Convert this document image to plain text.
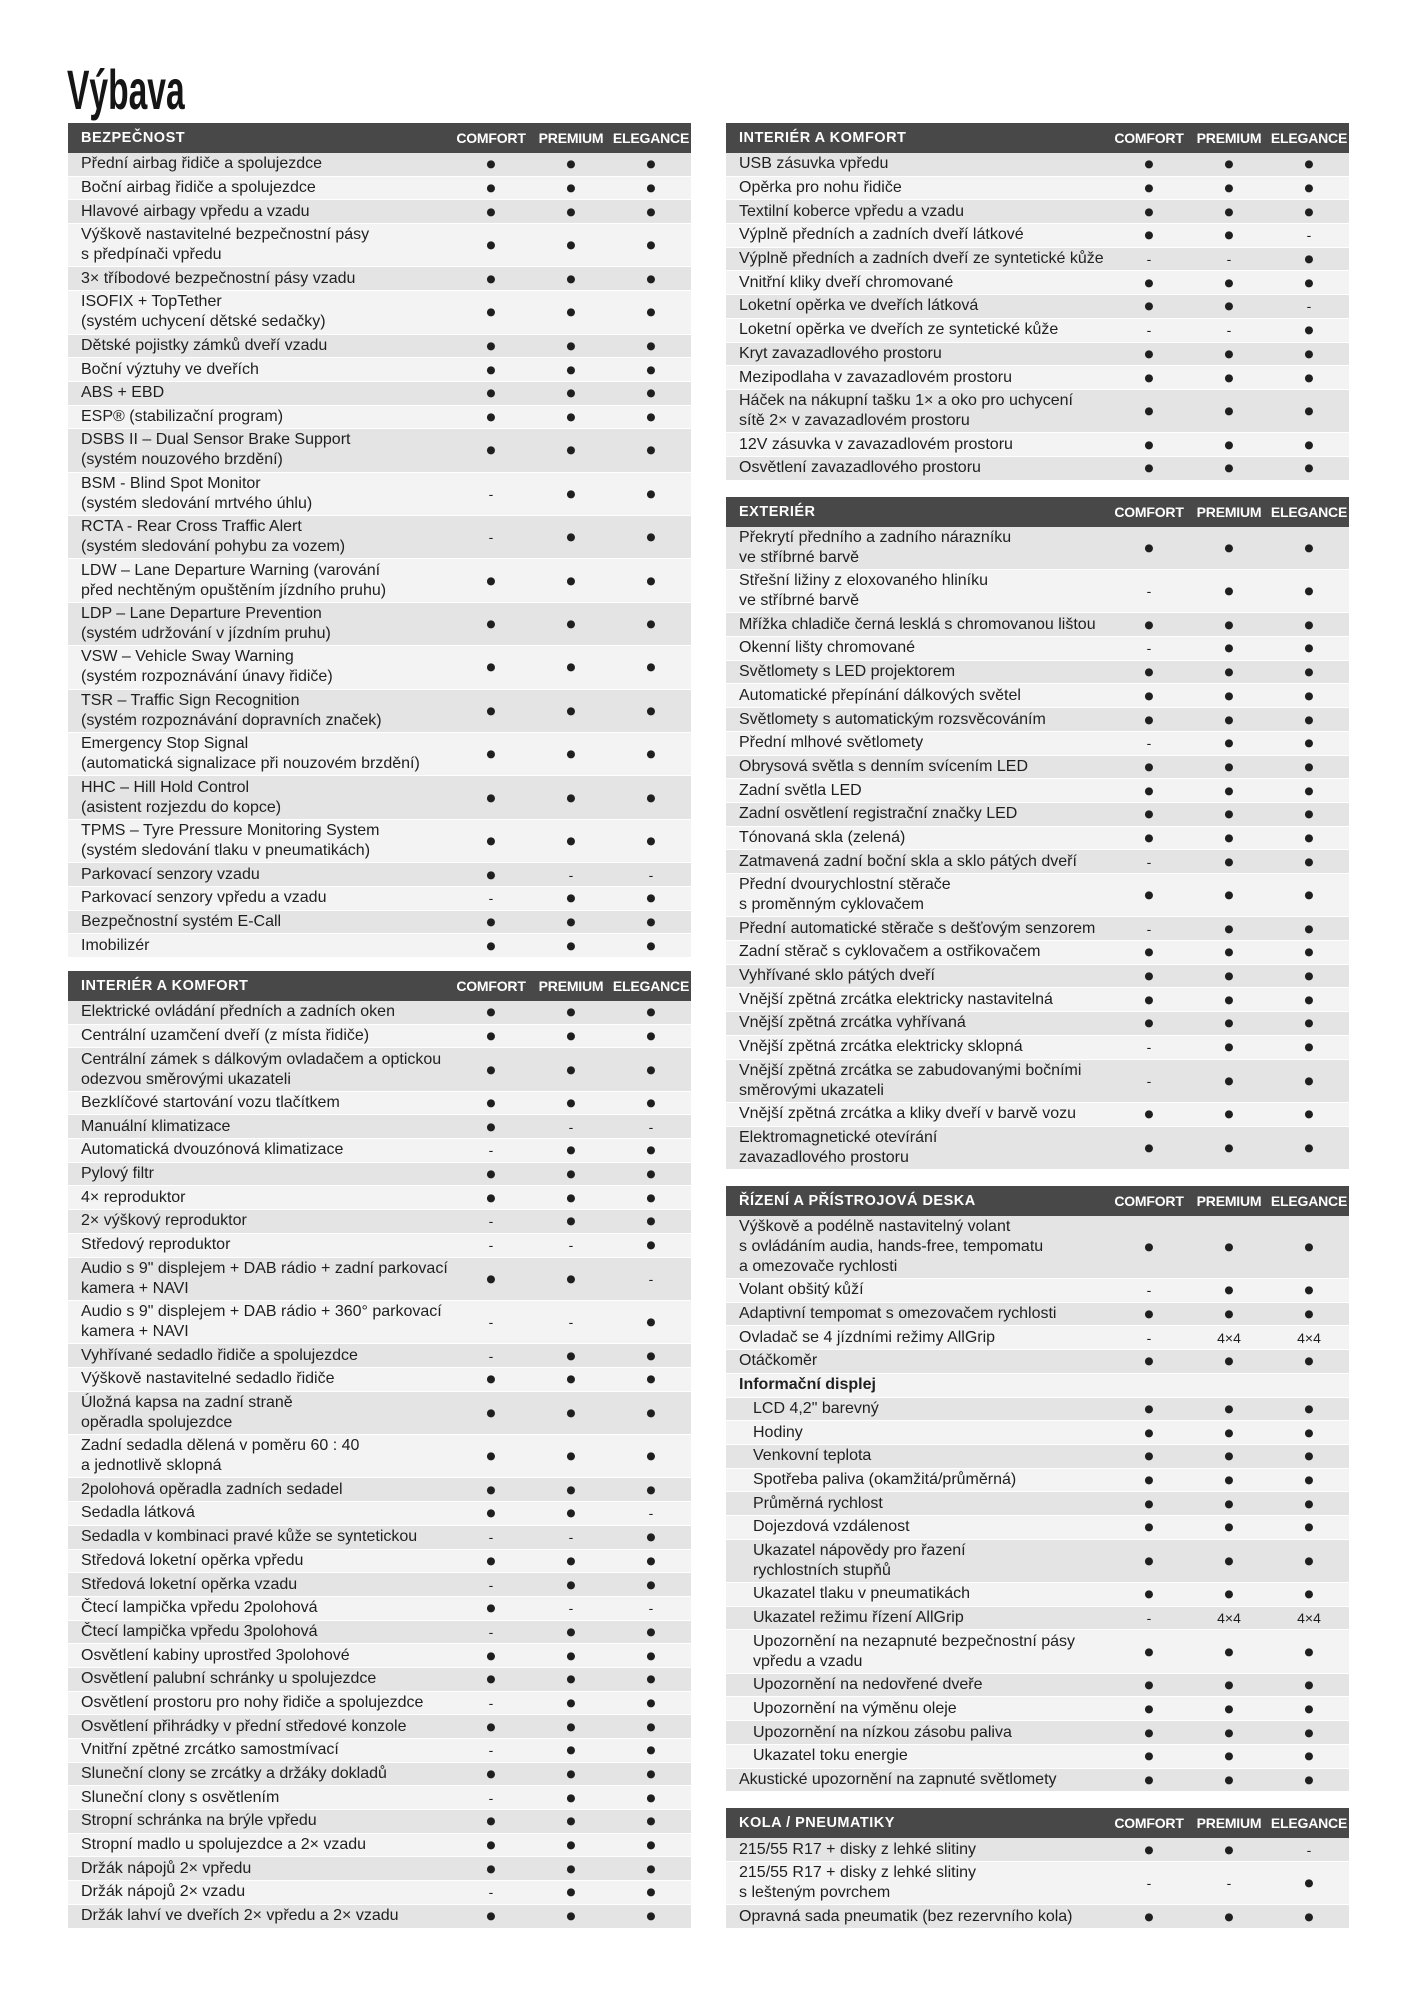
Výbava
BEZPEČNOST	COMFORT PREMIUM ELEGANCE
Přední airbag řidiče a spolujezdce	●	●	●
Boční airbag řidiče a spolujezdce	●	●	●
Hlavové airbagy vpředu a vzadu	●	●	●
Výškově nastavitelné bezpečnostní pásy
s předpínači vpředu
●	●	●
3× tříbodové bezpečnostní pásy vzadu	●	●	●
ISOFIX + TopTether
(systém uchycení dětské sedačky)
●	●	●
Dětské pojistky zámků dveří vzadu	●	●	●
Boční výztuhy ve dveřích	●	●	●
ABS + EBD	●	●	●
ESP® (stabilizační program)	●	●	●
DSBS II – Dual Sensor Brake Support
(systém nouzového brzdění)
●	●	●
BSM - Blind Spot Monitor
(systém sledování mrtvého úhlu)
-	●	●
RCTA - Rear Cross Traffic Alert
(systém sledování pohybu za vozem)
-	●	●
LDW – Lane Departure Warning (varování
před nechtěným opuštěním jízdního pruhu)
●	●	●
LDP – Lane Departure Prevention
(systém udržování v jízdním pruhu)
●	●	●
VSW – Vehicle Sway Warning
(systém rozpoznávání únavy řidiče)
●	●	●
TSR – Traffic Sign Recognition
(systém rozpoznávání dopravních značek)
●	●	●
Emergency Stop Signal
(automatická signalizace při nouzovém brzdění)
●	●	●
HHC – Hill Hold Control
(asistent rozjezdu do kopce)
●	●	●
TPMS – Tyre Pressure Monitoring System
(systém sledování tlaku v pneumatikách)
●	●	●
Parkovací senzory vzadu	●	-	-
Parkovací senzory vpředu a vzadu	-	●	●
Bezpečnostní systém E-Call	●	●	●
Imobilizér	●	●	●
INTERIÉR A KOMFORT	COMFORT PREMIUM ELEGANCE
Elektrické ovládání předních a zadních oken	●	●	●
Centrální uzamčení dveří (z místa řidiče)	●	●	●
Centrální zámek s dálkovým ovladačem a optickou
odezvou směrovými ukazateli
●	●	●
Bezklíčové startování vozu tlačítkem	●	●	●
Manuální klimatizace	●	-	-
Automatická dvouzónová klimatizace	-	●	●
Pylový filtr	●	●	●
4× reproduktor	●	●	●
2× výškový reproduktor	-	●	●
Středový reproduktor	-	-	●
Audio s 9" displejem + DAB rádio + zadní parkovací
kamera + NAVI
●	●	-
Audio s 9" displejem + DAB rádio + 360° parkovací
kamera + NAVI
-	-	●
Vyhřívané sedadlo řidiče a spolujezdce	-	●	●
Výškově nastavitelné sedadlo řidiče	●	●	●
Úložná kapsa na zadní straně
opěradla spolujezdce
●	●	●
Zadní sedadla dělená v poměru 60 : 40
a jednotlivě sklopná
●	●	●
2polohová opěradla zadních sedadel	●	●	●
Sedadla látková	●	●	-
Sedadla v kombinaci pravé kůže se syntetickou	-	-	●
Středová loketní opěrka vpředu	●	●	●
Středová loketní opěrka vzadu	-	●	●
Čtecí lampička vpředu 2polohová	●	-	-
Čtecí lampička vpředu 3polohová	-	●	●
Osvětlení kabiny uprostřed 3polohové	●	●	●
Osvětlení palubní schránky u spolujezdce	●	●	●
Osvětlení prostoru pro nohy řidiče a spolujezdce	-	●	●
Osvětlení přihrádky v přední středové konzole	●	●	●
Vnitřní zpětné zrcátko samostmívací	-	●	●
Sluneční clony se zrcátky a držáky dokladů	●	●	●
Sluneční clony s osvětlením	-	●	●
Stropní schránka na brýle vpředu	●	●	●
Stropní madlo u spolujezdce a 2× vzadu	●	●	●
Držák nápojů 2× vpředu	●	●	●
Držák nápojů 2× vzadu	-	●	●
Držák lahví ve dveřích 2× vpředu a 2× vzadu	●	●	●
INTERIÉR A KOMFORT	COMFORT PREMIUM ELEGANCE
USB zásuvka vpředu	●	●	●
Opěrka pro nohu řidiče	●	●	●
Textilní koberce vpředu a vzadu	●	●	●
Výplně předních a zadních dveří látkové	●	●	-
Výplně předních a zadních dveří ze syntetické kůže	-	-	●
Vnitřní kliky dveří chromované	●	●	●
Loketní opěrka ve dveřích látková	●	●	-
Loketní opěrka ve dveřích ze syntetické kůže	-	-	●
Kryt zavazadlového prostoru	●	●	●
Mezipodlaha v zavazadlovém prostoru	●	●	●
Háček na nákupní tašku 1× a oko pro uchycení
sítě 2× v zavazadlovém prostoru
●	●	●
12V zásuvka v zavazadlovém prostoru	●	●	●
Osvětlení zavazadlového prostoru	●	●	●
EXTERIÉR	COMFORT PREMIUM ELEGANCE
Překrytí předního a zadního nárazníku
ve stříbrné barvě
●	●	●
Střešní ližiny z eloxovaného hliníku
ve stříbrné barvě
-	●	●
Mřížka chladiče černá lesklá s chromovanou lištou	●	●	●
Okenní lišty chromované	-	●	●
Světlomety s LED projektorem	●	●	●
Automatické přepínání dálkových světel	●	●	●
Světlomety s automatickým rozsvěcováním	●	●	●
Přední mlhové světlomety	-	●	●
Obrysová světla s denním svícením LED	●	●	●
Zadní světla LED	●	●	●
Zadní osvětlení registrační značky LED	●	●	●
Tónovaná skla (zelená)	●	●	●
Zatmavená zadní boční skla a sklo pátých dveří	-	●	●
Přední dvourychlostní stěrače
s proměnným cyklovačem
●	●	●
Přední automatické stěrače s dešťovým senzorem	-	●	●
Zadní stěrač s cyklovačem a ostřikovačem	●	●	●
Vyhřívané sklo pátých dveří	●	●	●
Vnější zpětná zrcátka elektricky nastavitelná	●	●	●
Vnější zpětná zrcátka vyhřívaná	●	●	●
Vnější zpětná zrcátka elektricky sklopná	-	●	●
Vnější zpětná zrcátka se zabudovanými bočními
směrovými ukazateli
-	●	●
Vnější zpětná zrcátka a kliky dveří v barvě vozu	●	●	●
Elektromagnetické otevírání
zavazadlového prostoru
●	●	●
ŘÍZENÍ A PŘÍSTROJOVÁ DESKA	COMFORT PREMIUM ELEGANCE
Výškově a podélně nastavitelný volant
s ovládáním audia, hands-free, tempomatu
a omezovače rychlosti
●	●	●
Volant obšitý kůží	-	●	●
Adaptivní tempomat s omezovačem rychlosti	●	●	●
Ovladač se 4 jízdními režimy AllGrip	-	4×4	4×4
Otáčkoměr	●	●	●
Informační displej
LCD 4,2" barevný	●	●	●
Hodiny	●	●	●
Venkovní teplota	●	●	●
Spotřeba paliva (okamžitá/průměrná)	●	●	●
Průměrná rychlost	●	●	●
Dojezdová vzdálenost	●	●	●
Ukazatel nápovědy pro řazení
rychlostních stupňů
●	●	●
Ukazatel tlaku v pneumatikách	●	●	●
Ukazatel režimu řízení AllGrip	-	4×4	4×4
Upozornění na nezapnuté bezpečnostní pásy
vpředu a vzadu
●	●	●
Upozornění na nedovřené dveře	●	●	●
Upozornění na výměnu oleje	●	●	●
Upozornění na nízkou zásobu paliva	●	●	●
Ukazatel toku energie	●	●	●
Akustické upozornění na zapnuté světlomety	●	●	●
KOLA / PNEUMATIKY	COMFORT PREMIUM ELEGANCE
215/55 R17 + disky z lehké slitiny	●	●	-
215/55 R17 + disky z lehké slitiny
s lešteným povrchem
-	-	●
Opravná sada pneumatik (bez rezervního kola)	●	●	●
